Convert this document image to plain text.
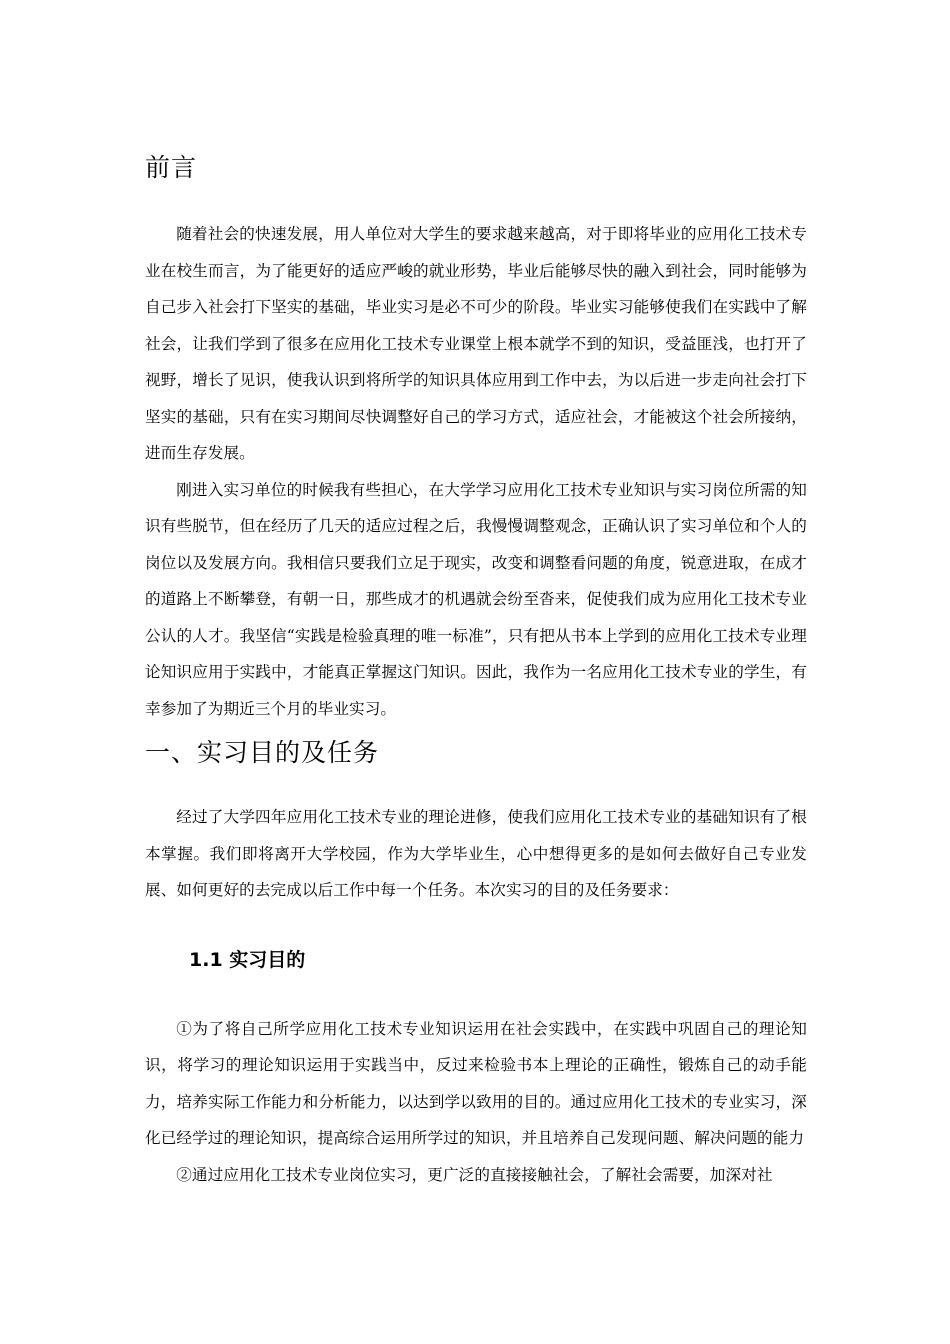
前言

随着社会的快速发展，用人单位对大学生的要求越来越高，对于即将毕业的应用化工技术专业在校生而言，为了能更好的适应严峻的就业形势，毕业后能够尽快的融入到社会，同时能够为自己步入社会打下坚实的基础，毕业实习是必不可少的阶段。毕业实习能够使我们在实践中了解社会，让我们学到了很多在应用化工技术专业课堂上根本就学不到的知识，受益匪浅，也打开了视野，增长了见识，使我认识到将所学的知识具体应用到工作中去，为以后进一步走向社会打下坚实的基础，只有在实习期间尽快调整好自己的学习方式，适应社会，才能被这个社会所接纳，进而生存发展。

刚进入实习单位的时候我有些担心，在大学学习应用化工技术专业知识与实习岗位所需的知识有些脱节，但在经历了几天的适应过程之后，我慢慢调整观念，正确认识了实习单位和个人的岗位以及发展方向。我相信只要我们立足于现实，改变和调整看问题的角度，锐意进取，在成才的道路上不断攀登，有朝一日，那些成才的机遇就会纷至沓来，促使我们成为应用化工技术专业公认的人才。我坚信“实践是检验真理的唯一标准”，只有把从书本上学到的应用化工技术专业理论知识应用于实践中，才能真正掌握这门知识。因此，我作为一名应用化工技术专业的学生，有幸参加了为期近三个月的毕业实习。

一、实习目的及任务

经过了大学四年应用化工技术专业的理论进修，使我们应用化工技术专业的基础知识有了根本掌握。我们即将离开大学校园，作为大学毕业生，心中想得更多的是如何去做好自己专业发展、如何更好的去完成以后工作中每一个任务。本次实习的目的及任务要求：

1.1 实习目的

①为了将自己所学应用化工技术专业知识运用在社会实践中，在实践中巩固自己的理论知识，将学习的理论知识运用于实践当中，反过来检验书本上理论的正确性，锻炼自己的动手能力，培养实际工作能力和分析能力，以达到学以致用的目的。通过应用化工技术的专业实习，深化已经学过的理论知识，提高综合运用所学过的知识，并且培养自己发现问题、解决问题的能力

②通过应用化工技术专业岗位实习，更广泛的直接接触社会，了解社会需要，加深对社
